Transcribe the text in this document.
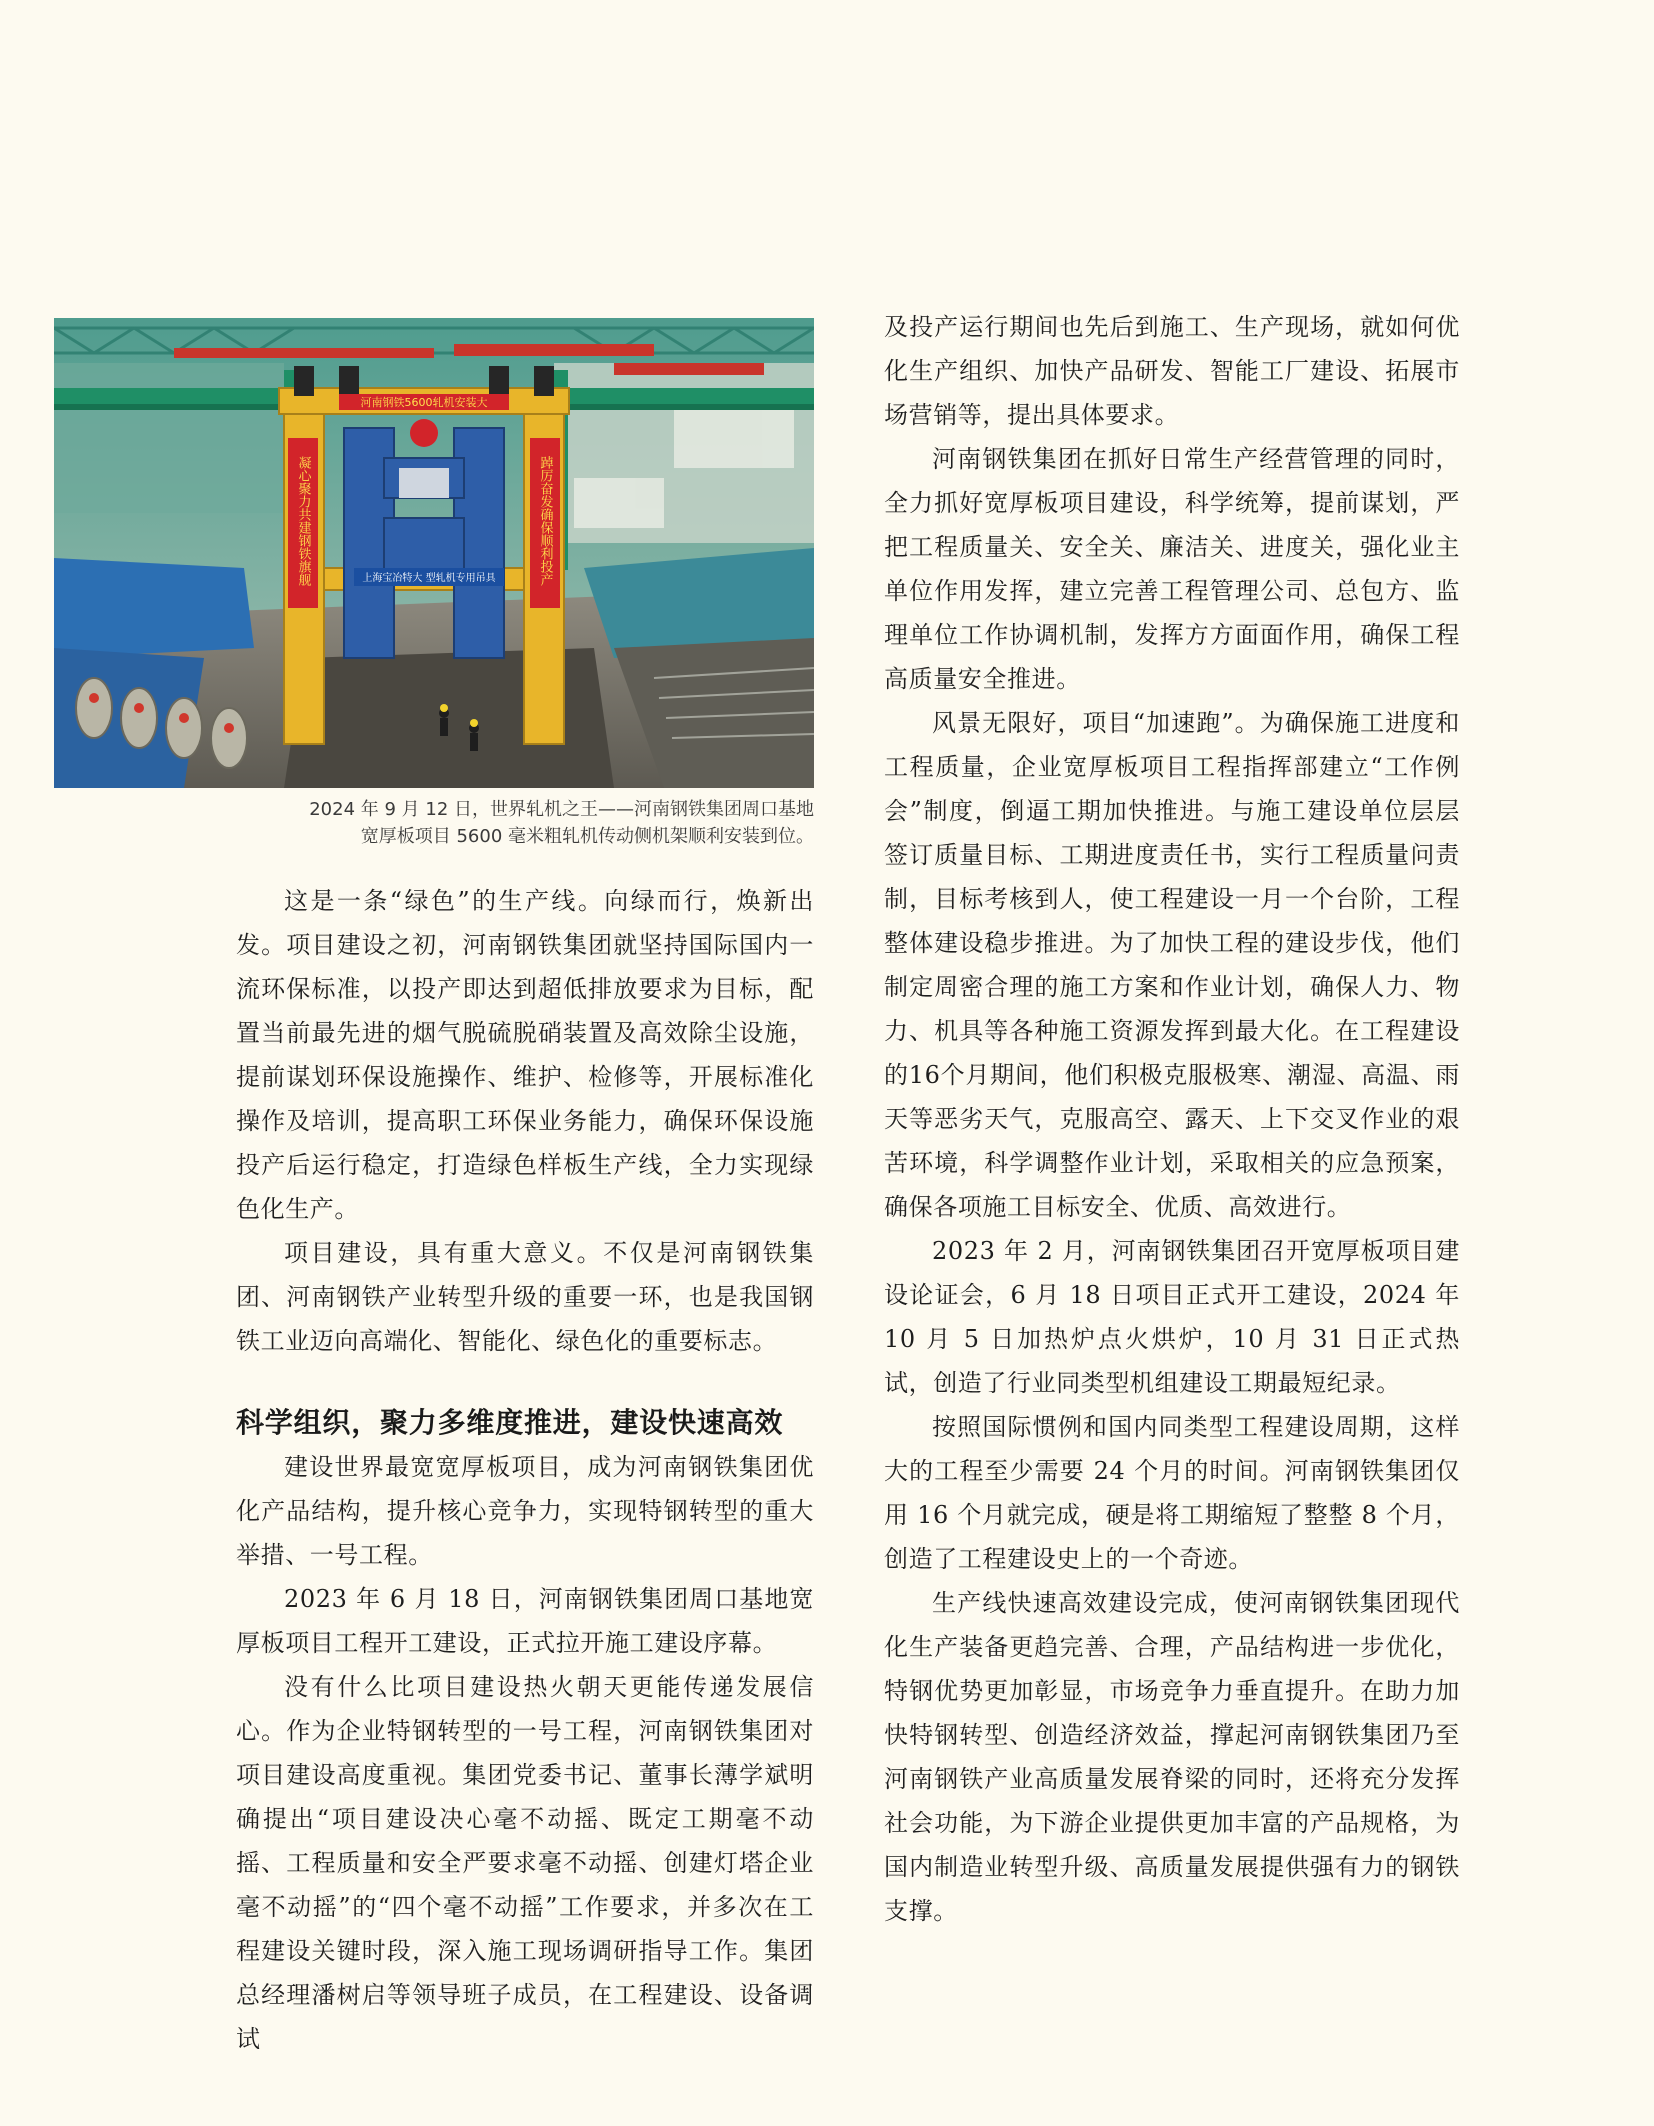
河南钢铁5600轧机安装大
凝心聚力共建钢铁旗舰	踔厉奋发确保顺利投产
上海宝冶特大 型轧机专用吊具
2024 年 9 月 12 日，世界轧机之王——河南钢铁集团周口基地
宽厚板项目 5600 毫米粗轧机传动侧机架顺利安装到位。

这是一条“绿色”的生产线。向绿而行，焕新出发。项目建设之初，河南钢铁集团就坚持国际国内一流环保标准，以投产即达到超低排放要求为目标，配置当前最先进的烟气脱硫脱硝装置及高效除尘设施，提前谋划环保设施操作、维护、检修等，开展标准化操作及培训，提高职工环保业务能力，确保环保设施投产后运行稳定，打造绿色样板生产线，全力实现绿色化生产。

项目建设，具有重大意义。不仅是河南钢铁集团、河南钢铁产业转型升级的重要一环，也是我国钢铁工业迈向高端化、智能化、绿色化的重要标志。

科学组织，聚力多维度推进，建设快速高效

建设世界最宽宽厚板项目，成为河南钢铁集团优化产品结构，提升核心竞争力，实现特钢转型的重大举措、一号工程。

2023 年 6 月 18 日，河南钢铁集团周口基地宽厚板项目工程开工建设，正式拉开施工建设序幕。

没有什么比项目建设热火朝天更能传递发展信心。作为企业特钢转型的一号工程，河南钢铁集团对项目建设高度重视。集团党委书记、董事长薄学斌明确提出“项目建设决心毫不动摇、既定工期毫不动摇、工程质量和安全严要求毫不动摇、创建灯塔企业毫不动摇”的“四个毫不动摇”工作要求，并多次在工程建设关键时段，深入施工现场调研指导工作。集团总经理潘树启等领导班子成员，在工程建设、设备调试

及投产运行期间也先后到施工、生产现场，就如何优化生产组织、加快产品研发、智能工厂建设、拓展市场营销等，提出具体要求。

河南钢铁集团在抓好日常生产经营管理的同时，全力抓好宽厚板项目建设，科学统筹，提前谋划，严把工程质量关、安全关、廉洁关、进度关，强化业主单位作用发挥，建立完善工程管理公司、总包方、监理单位工作协调机制，发挥方方面面作用，确保工程高质量安全推进。

风景无限好，项目“加速跑”。为确保施工进度和工程质量，企业宽厚板项目工程指挥部建立“工作例会”制度，倒逼工期加快推进。与施工建设单位层层签订质量目标、工期进度责任书，实行工程质量问责制，目标考核到人，使工程建设一月一个台阶，工程整体建设稳步推进。为了加快工程的建设步伐，他们制定周密合理的施工方案和作业计划，确保人力、物力、机具等各种施工资源发挥到最大化。在工程建设的16个月期间，他们积极克服极寒、潮湿、高温、雨天等恶劣天气，克服高空、露天、上下交叉作业的艰苦环境，科学调整作业计划，采取相关的应急预案，确保各项施工目标安全、优质、高效进行。

2023 年 2 月，河南钢铁集团召开宽厚板项目建设论证会，6 月 18 日项目正式开工建设，2024 年 10 月 5 日加热炉点火烘炉，10 月 31 日正式热试，创造了行业同类型机组建设工期最短纪录。

按照国际惯例和国内同类型工程建设周期，这样大的工程至少需要 24 个月的时间。河南钢铁集团仅用 16 个月就完成，硬是将工期缩短了整整 8 个月，创造了工程建设史上的一个奇迹。

生产线快速高效建设完成，使河南钢铁集团现代化生产装备更趋完善、合理，产品结构进一步优化，特钢优势更加彰显，市场竞争力垂直提升。在助力加快特钢转型、创造经济效益，撑起河南钢铁集团乃至河南钢铁产业高质量发展脊梁的同时，还将充分发挥社会功能，为下游企业提供更加丰富的产品规格，为国内制造业转型升级、高质量发展提供强有力的钢铁支撑。
